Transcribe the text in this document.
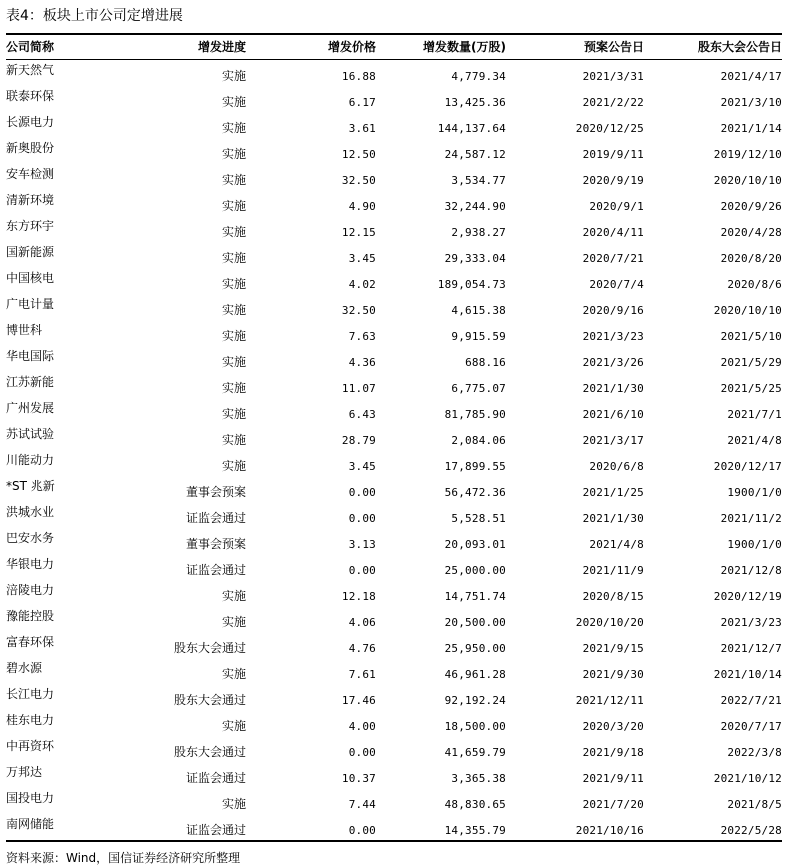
表4：板块上市公司定增进展
公司简称	增发进度	增发价格	增发数量(万股)	预案公告日	股东大会公告日
新天然气	实施	16.88	4,779.34	2021/3/31	2021/4/17
联泰环保	实施	6.17	13,425.36	2021/2/22	2021/3/10
长源电力	实施	3.61	144,137.64	2020/12/25	2021/1/14
新奥股份	实施	12.50	24,587.12	2019/9/11	2019/12/10
安车检测	实施	32.50	3,534.77	2020/9/19	2020/10/10
清新环境	实施	4.90	32,244.90	2020/9/1	2020/9/26
东方环宇	实施	12.15	2,938.27	2020/4/11	2020/4/28
国新能源	实施	3.45	29,333.04	2020/7/21	2020/8/20
中国核电	实施	4.02	189,054.73	2020/7/4	2020/8/6
广电计量	实施	32.50	4,615.38	2020/9/16	2020/10/10
博世科	实施	7.63	9,915.59	2021/3/23	2021/5/10
华电国际	实施	4.36	688.16	2021/3/26	2021/5/29
江苏新能	实施	11.07	6,775.07	2021/1/30	2021/5/25
广州发展	实施	6.43	81,785.90	2021/6/10	2021/7/1
苏试试验	实施	28.79	2,084.06	2021/3/17	2021/4/8
川能动力	实施	3.45	17,899.55	2020/6/8	2020/12/17
*ST 兆新	董事会预案	0.00	56,472.36	2021/1/25	1900/1/0
洪城水业	证监会通过	0.00	5,528.51	2021/1/30	2021/11/2
巴安水务	董事会预案	3.13	20,093.01	2021/4/8	1900/1/0
华银电力	证监会通过	0.00	25,000.00	2021/11/9	2021/12/8
涪陵电力	实施	12.18	14,751.74	2020/8/15	2020/12/19
豫能控股	实施	4.06	20,500.00	2020/10/20	2021/3/23
富春环保	股东大会通过	4.76	25,950.00	2021/9/15	2021/12/7
碧水源	实施	7.61	46,961.28	2021/9/30	2021/10/14
长江电力	股东大会通过	17.46	92,192.24	2021/12/11	2022/7/21
桂东电力	实施	4.00	18,500.00	2020/3/20	2020/7/17
中再资环	股东大会通过	0.00	41,659.79	2021/9/18	2022/3/8
万邦达	证监会通过	10.37	3,365.38	2021/9/11	2021/10/12
国投电力	实施	7.44	48,830.65	2021/7/20	2021/8/5
南网储能	证监会通过	0.00	14,355.79	2021/10/16	2022/5/28
资料来源：Wind，国信证券经济研究所整理
